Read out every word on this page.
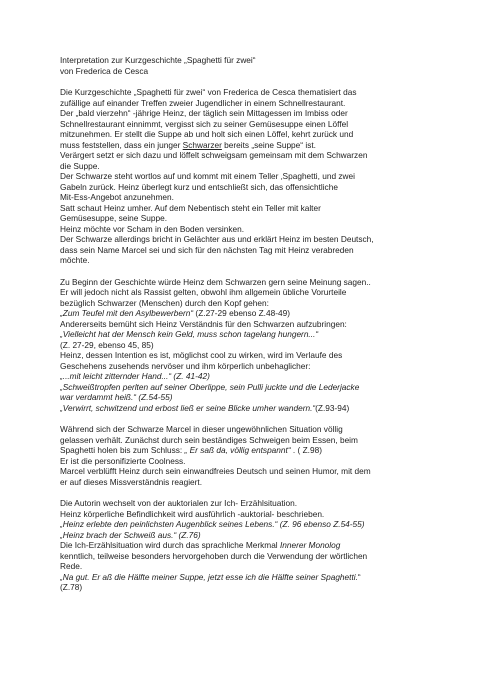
Interpretation zur Kurzgeschichte „Spaghetti für zwei“
von Frederica de Cesca
Die Kurzgeschichte „Spaghetti für zwei“ von Frederica de Cesca thematisiert das
zufällige auf einander Treffen zweier Jugendlicher in einem Schnellrestaurant.
Der „bald vierzehn“ -jährige Heinz, der täglich sein Mittagessen im Imbiss oder
Schnellrestaurant einnimmt, vergisst sich zu seiner Gemüsesuppe einen Löffel
mitzunehmen. Er stellt die Suppe ab und holt sich einen Löffel, kehrt zurück und
muss feststellen, dass ein junger Schwarzer bereits „seine Suppe“ ist.
Verärgert setzt er sich dazu und löffelt schweigsam gemeinsam mit dem Schwarzen
die Suppe.
Der Schwarze steht wortlos auf und kommt mit einem Teller ‚Spaghetti, und zwei
Gabeln zurück. Heinz überlegt kurz und entschließt sich, das offensichtliche
Mit-Ess-Angebot anzunehmen.
Satt schaut Heinz umher. Auf dem Nebentisch steht ein Teller mit kalter
Gemüsesuppe, seine Suppe.
Heinz möchte vor Scham in den Boden versinken.
Der Schwarze allerdings bricht in Gelächter aus und erklärt Heinz im besten Deutsch,
dass sein Name Marcel sei und sich für den nächsten Tag mit Heinz verabreden
möchte.
Zu Beginn der Geschichte würde Heinz dem Schwarzen gern seine Meinung sagen..
Er will jedoch nicht als Rassist gelten, obwohl ihm allgemein übliche Vorurteile
bezüglich Schwarzer (Menschen) durch den Kopf gehen:
„Zum Teufel mit den Asylbewerbern“ (Z.27-29 ebenso Z.48-49)
Andererseits bemüht sich Heinz Verständnis für den Schwarzen aufzubringen:
„Vielleicht hat der Mensch kein Geld, muss schon tagelang hungern...“
(Z. 27-29, ebenso 45, 85)
Heinz, dessen Intention es ist, möglichst cool zu wirken, wird im Verlaufe des
Geschehens zusehends nervöser und ihm körperlich unbehaglicher:
„...mit leicht zitternder Hand...“ (Z. 41-42)
„Schweißtropfen perlten auf seiner Oberlippe, sein Pulli juckte und die Lederjacke
war verdammt heiß.“ (Z.54-55)
„Verwirrt, schwitzend und erbost ließ er seine Blicke umher wandern.“(Z.93-94)
Während sich der Schwarze Marcel in dieser ungewöhnlichen Situation völlig
gelassen verhält. Zunächst durch sein beständiges Schweigen beim Essen, beim
Spaghetti holen bis zum Schluss: „ Er saß da, völlig entspannt“ . ( Z.98)
Er ist die personifizierte Coolness.
Marcel verblüfft Heinz durch sein einwandfreies Deutsch und seinen Humor, mit dem
er auf dieses Missverständnis reagiert.
Die Autorin wechselt von der auktorialen zur Ich- Erzählsituation.
Heinz körperliche Befindlichkeit wird ausführlich -auktorial- beschrieben.
„Heinz erlebte den peinlichsten Augenblick seines Lebens.“ (Z. 96 ebenso Z.54-55)
„Heinz brach der Schweiß aus.“ (Z.76)
Die Ich-Erzählsituation wird durch das sprachliche Merkmal Innerer Monolog
kenntlich, teilweise besonders hervorgehoben durch die Verwendung der wörtlichen
Rede.
„Na gut. Er aß die Hälfte meiner Suppe, jetzt esse ich die Hälfte seiner Spaghetti.“
(Z.78)
